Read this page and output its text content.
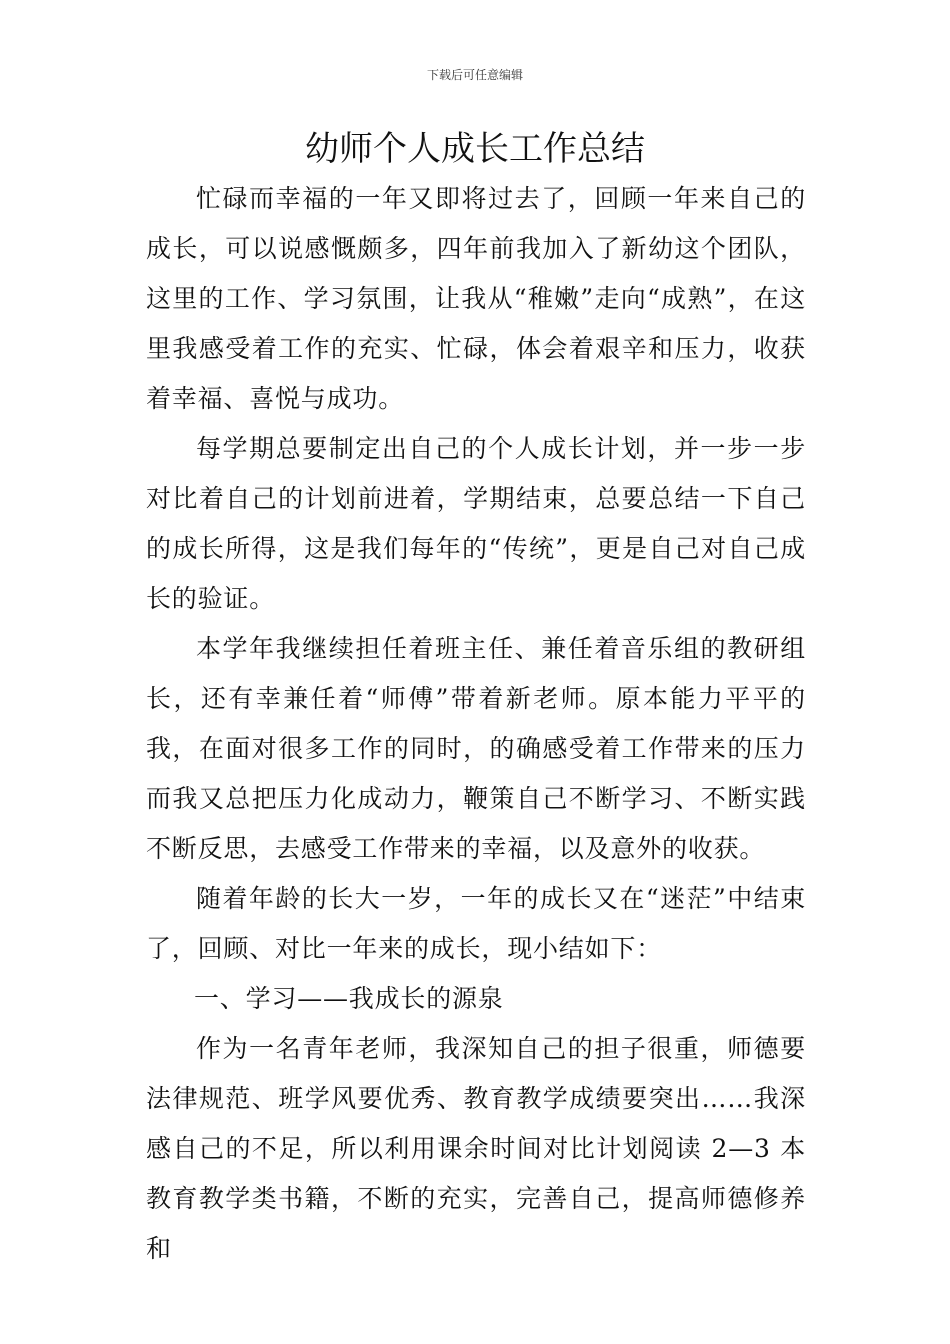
下载后可任意编辑
幼师个人成长工作总结

忙碌而幸福的一年又即将过去了，回顾一年来自己的成长，可以说感慨颇多，四年前我加入了新幼这个团队，这里的工作、学习氛围，让我从“稚嫩”走向“成熟”，在这里我感受着工作的充实、忙碌，体会着艰辛和压力，收获着幸福、喜悦与成功。

每学期总要制定出自己的个人成长计划，并一步一步对比着自己的计划前进着，学期结束，总要总结一下自己的成长所得，这是我们每年的“传统”，更是自己对自己成长的验证。

本学年我继续担任着班主任、兼任着音乐组的教研组长，还有幸兼任着“师傅”带着新老师。原本能力平平的我，在面对很多工作的同时，的确感受着工作带来的压力而我又总把压力化成动力，鞭策自己不断学习、不断实践不断反思，去感受工作带来的幸福，以及意外的收获。

随着年龄的长大一岁，一年的成长又在“迷茫”中结束了，回顾、对比一年来的成长，现小结如下：

一、学习——我成长的源泉

作为一名青年老师，我深知自己的担子很重，师德要法律规范、班学风要优秀、教育教学成绩要突出……我深感自己的不足，所以利用课余时间对比计划阅读 2—3 本教育教学类书籍，不断的充实，完善自己，提高师德修养和
